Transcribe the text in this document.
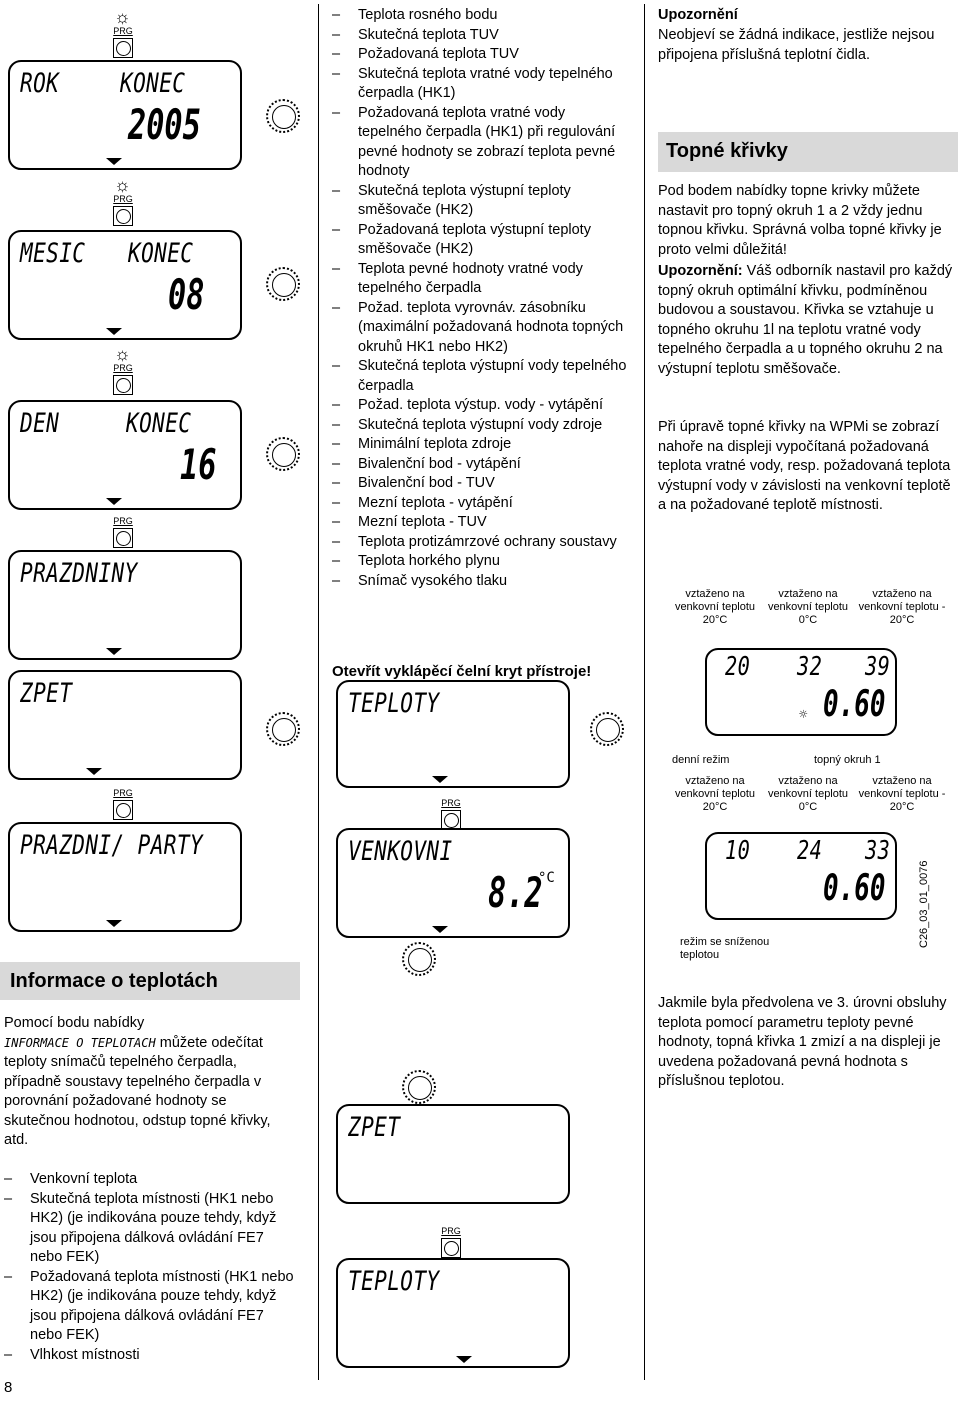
☼
PRG
ROK KONEC
2005
☼
PRG
MESIC KONEC
08
☼
PRG
DEN KONEC
16
PRG
PRAZDNINY
ZPET
PRG
PRAZDNI/ PARTY
Informace o teplotách
Pomocí bodu nabídky
INFORMACE O TEPLOTACH můžete odečítat teploty snímačů tepelného čerpadla, případně soustavy tepelného čerpadla v porovnání požadované hodnoty se skutečnou hodnotou, odstup topné křivky, atd.
– Venkovní teplota
– Skutečná teplota místnosti (HK1 nebo HK2) (je indikována pouze tehdy, když jsou připojena dálková ovládání FE7 nebo FEK)
– Požadovaná teplota místnosti (HK1 nebo HK2) (je indikována pouze tehdy, když jsou připojena dálková ovládání FE7 nebo FEK)
– Vlhkost místnosti
8
– Teplota rosného bodu
– Skutečná teplota TUV
– Požadovaná teplota TUV
– Skutečná teplota vratné vody tepelného čerpadla (HK1)
– Požadovaná teplota vratné vody tepelného čerpadla (HK1) při regulování pevné hodnoty se zobrazí teplota pevné hodnoty
– Skutečná teplota výstupní teploty směšovače (HK2)
– Požadovaná teplota výstupní teploty směšovače (HK2)
– Teplota pevné hodnoty vratné vody tepelného čerpadla
– Požad. teplota vyrovnáv. zásobníku (maximální požadovaná hodnota topných okruhů HK1 nebo HK2)
– Skutečná teplota výstupní vody tepelného čerpadla
– Požad. teplota výstup. vody - vytápění
– Skutečná teplota výstupní vody zdroje
– Minimální teplota zdroje
– Bivalenční bod - vytápění
– Bivalenční bod - TUV
– Mezní teplota - vytápění
– Mezní teplota - TUV
– Teplota protizámrzové ochrany soustavy
– Teplota horkého plynu
– Snímač vysokého tlaku
Otevřít vyklápěcí čelní kryt přístroje!
TEPLOTY
PRG
VENKOVNI
8.2
°C
ZPET
PRG
TEPLOTY
Upozornění
Neobjeví se žádná indikace, jestliže nejsou připojena příslušná teplotní čidla.
Topné křivky
Pod bodem nabídky topne krivky můžete nastavit pro topný okruh 1 a 2 vždy jednu topnou křivku. Správná volba topné křivky je proto velmi důležitá!
Upozornění: Váš odborník nastavil pro každý topný okruh optimální křivku, podmíněnou budovou a soustavou. Křivka se vztahuje u topného okruhu 1l na teplotu vratné vody tepelného čerpadla a u topného okruhu 2 na výstupní teplotu směšovače.
Při úpravě topné křivky na WPMi se zobrazí nahoře na displeji vypočítaná požadovaná teplota vratné vody, resp. požadovaná teplota výstupní vody v závislosti na venkovní teplotě a na požadované teplotě místnosti.
vztaženo na venkovní teplotu 20°C
vztaženo na venkovní teplotu 0°C
vztaženo na venkovní teplotu - 20°C
20 32 39
0.60
☼
denní režim	topný okruh 1
vztaženo na venkovní teplotu 20°C
vztaženo na venkovní teplotu 0°C
vztaženo na venkovní teplotu - 20°C
10 24 33
0.60
režim se sníženou teplotou
C26_03_01_0076
Jakmile byla předvolena ve 3. úrovni obsluhy teplota pomocí parametru teploty pevné hodnoty, topná křivka 1 zmizí a na displeji je uvedena požadovaná pevná hodnota s příslušnou teplotou.
